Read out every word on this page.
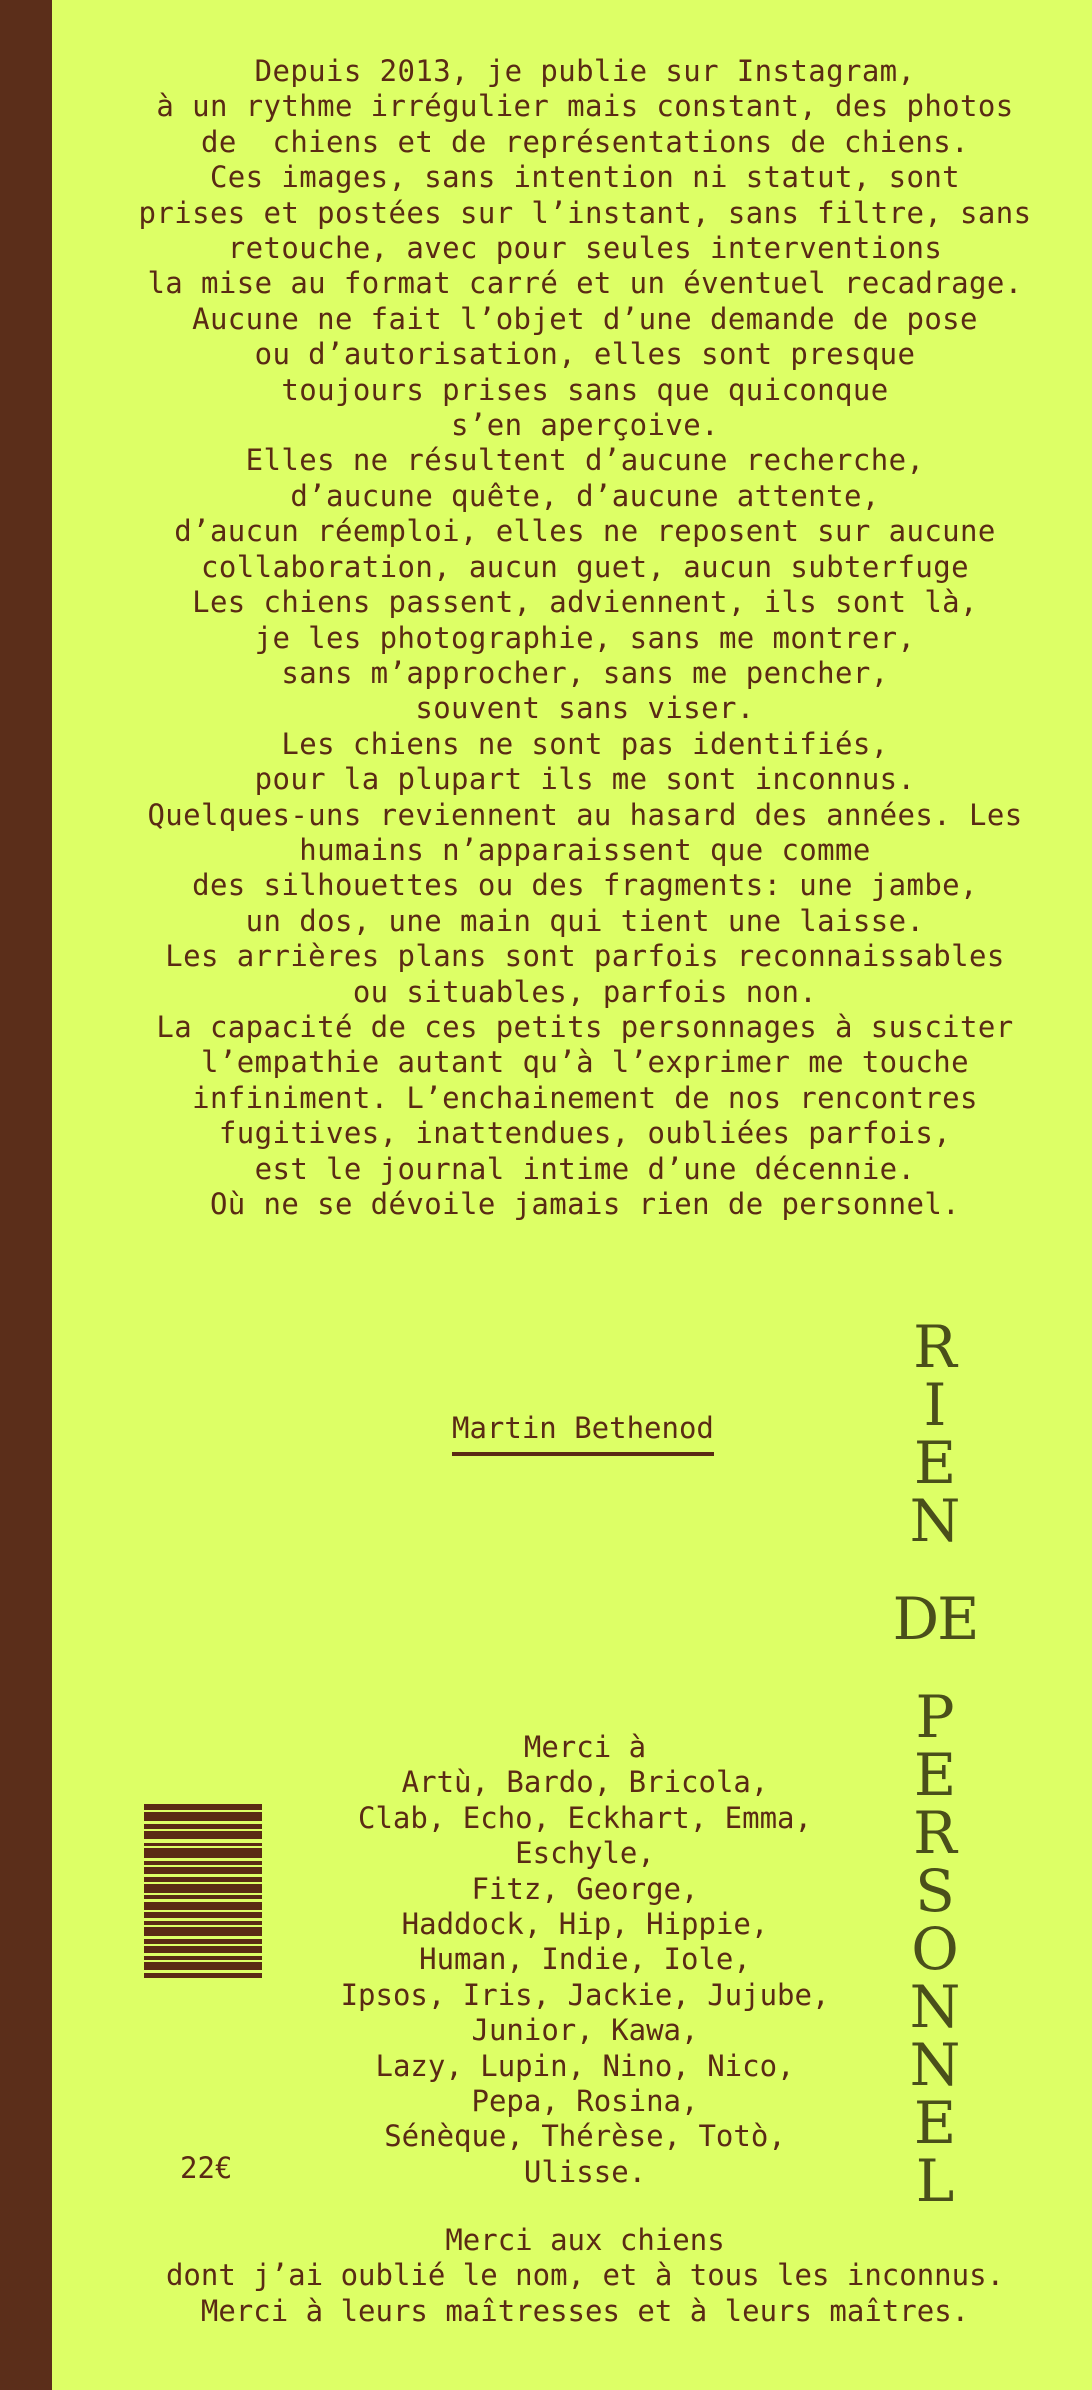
Depuis 2013, je publie sur Instagram,
à un rythme irrégulier mais constant, des photos
de  chiens et de représentations de chiens.
Ces images, sans intention ni statut, sont
prises et postées sur l’instant, sans filtre, sans
retouche, avec pour seules interventions
la mise au format carré et un éventuel recadrage.
Aucune ne fait l’objet d’une demande de pose
ou d’autorisation, elles sont presque
toujours prises sans que quiconque
s’en aperçoive.
Elles ne résultent d’aucune recherche,
d’aucune quête, d’aucune attente,
d’aucun réemploi, elles ne reposent sur aucune
collaboration, aucun guet, aucun subterfuge
Les chiens passent, adviennent, ils sont là,
je les photographie, sans me montrer,
sans m’approcher, sans me pencher,
souvent sans viser.
Les chiens ne sont pas identifiés,
pour la plupart ils me sont inconnus.
Quelques-uns reviennent au hasard des années. Les
humains n’apparaissent que comme
des silhouettes ou des fragments: une jambe,
un dos, une main qui tient une laisse.
Les arrières plans sont parfois reconnaissables
ou situables, parfois non.
La capacité de ces petits personnages à susciter
l’empathie autant qu’à l’exprimer me touche
infiniment. L’enchainement de nos rencontres
fugitives, inattendues, oubliées parfois,
est le journal intime d’une décennie.
Où ne se dévoile jamais rien de personnel.
Martin Bethenod
R
I
E
N
DE
P
E
R
S
O
N
N
E
L
Merci à
Artù, Bardo, Bricola,
Clab, Echo, Eckhart, Emma,
Eschyle,
Fitz, George,
Haddock, Hip, Hippie,
Human, Indie, Iole,
Ipsos, Iris, Jackie, Jujube,
Junior, Kawa,
Lazy, Lupin, Nino, Nico,
Pepa, Rosina,
Sénèque, Thérèse, Totò,
Ulisse.
22€
Merci aux chiens
dont j’ai oublié le nom, et à tous les inconnus.
Merci à leurs maîtresses et à leurs maîtres.
